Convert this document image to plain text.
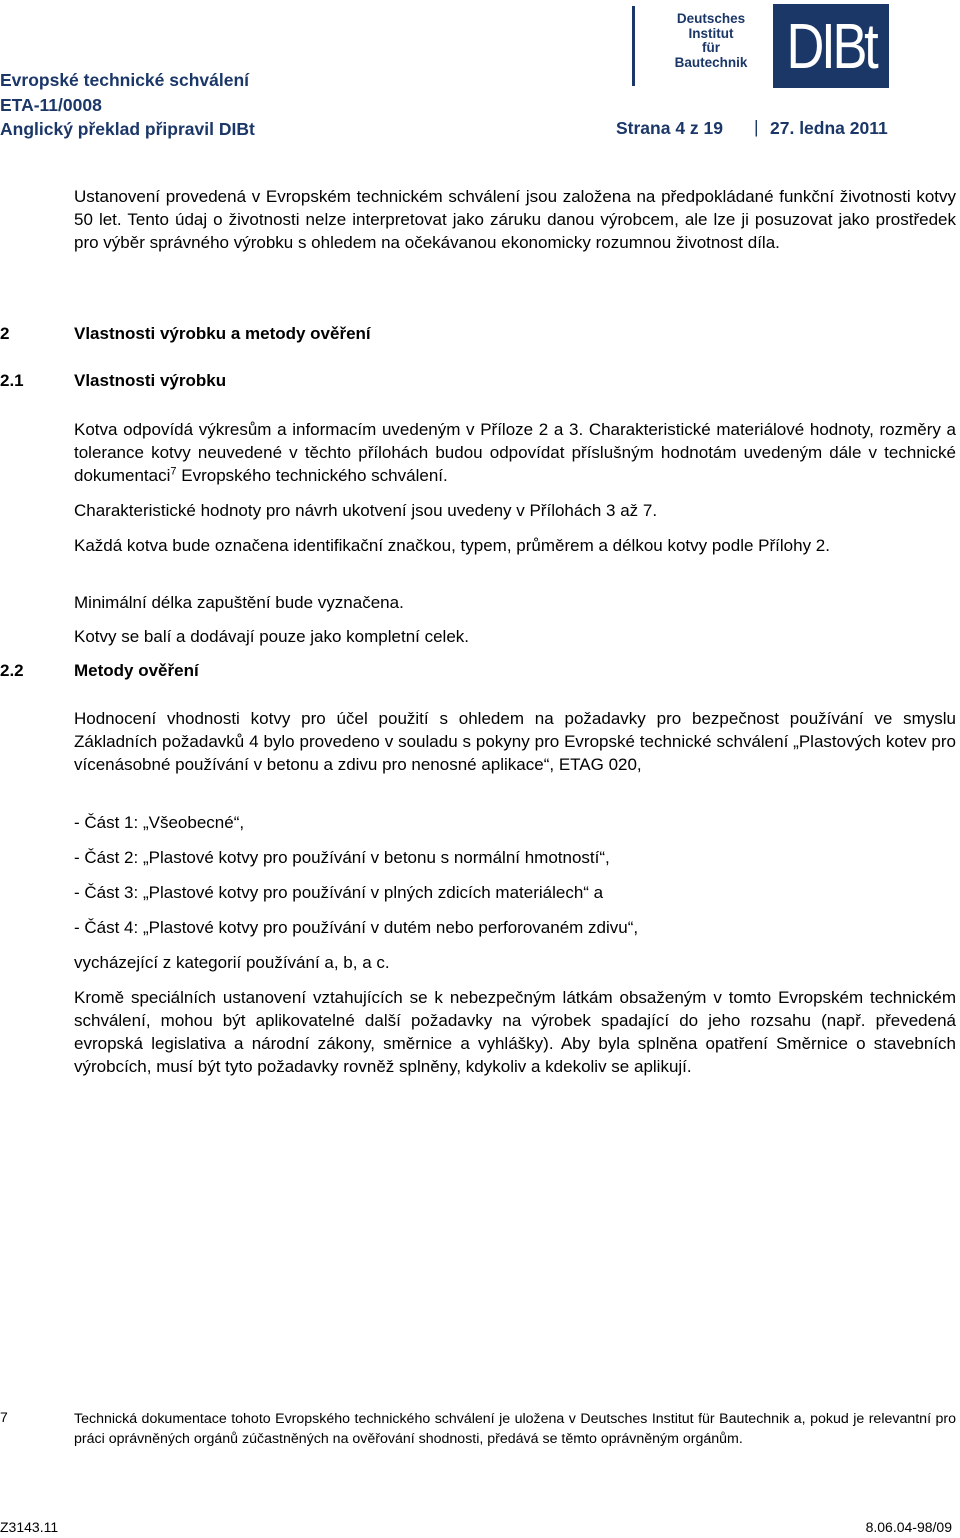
Evropské technické schválení
ETA-11/0008
Anglický překlad připravil DIBt	Strana 4 z 19 | 27. ledna 2011
Deutsches
Institut
für
Bautechnik DIBt
Ustanovení provedená v Evropském technickém schválení jsou založena na předpokládané funkční životnosti kotvy 50 let. Tento údaj o životnosti nelze interpretovat jako záruku danou výrobcem, ale lze ji posuzovat jako prostředek pro výběr správného výrobku s ohledem na očekávanou ekonomicky rozumnou životnost díla.
2	Vlastnosti výrobku a metody ověření
2.1	Vlastnosti výrobku
Kotva odpovídá výkresům a informacím uvedeným v Příloze 2 a 3. Charakteristické materiálové hodnoty, rozměry a tolerance kotvy neuvedené v těchto přílohách budou odpovídat příslušným hodnotám uvedeným dále v technické dokumentaci$^7$ Evropského technického schválení.
Charakteristické hodnoty pro návrh ukotvení jsou uvedeny v Přílohách 3 až 7.
Každá kotva bude označena identifikační značkou, typem, průměrem a délkou kotvy podle Přílohy 2.
Minimální délka zapuštění bude vyznačena.
Kotvy se balí a dodávají pouze jako kompletní celek.
2.2	Metody ověření
Hodnocení vhodnosti kotvy pro účel použití s ohledem na požadavky pro bezpečnost používání ve smyslu Základních požadavků 4 bylo provedeno v souladu s pokyny pro Evropské technické schválení „Plastových kotev pro vícenásobné používání v betonu a zdivu pro nenosné aplikace“, ETAG 020,
- Část 1: „Všeobecné“,
- Část 2: „Plastové kotvy pro používání v betonu s normální hmotností“,
- Část 3: „Plastové kotvy pro používání v plných zdicích materiálech“ a
- Část 4: „Plastové kotvy pro používání v dutém nebo perforovaném zdivu“,
vycházející z kategorií používání a, b, a c.
Kromě speciálních ustanovení vztahujících se k nebezpečným látkám obsaženým v tomto Evropském technickém schválení, mohou být aplikovatelné další požadavky na výrobek spadající do jeho rozsahu (např. převedená evropská legislativa a národní zákony, směrnice a vyhlášky). Aby byla splněna opatření Směrnice o stavebních výrobcích, musí být tyto požadavky rovněž splněny, kdykoliv a kdekoliv se aplikují.
7	Technická dokumentace tohoto Evropského technického schválení je uložena v Deutsches Institut für Bautechnik a, pokud je relevantní pro práci oprávněných orgánů zúčastněných na ověřování shodnosti, předává se těmto oprávněným orgánům.
Z3143.11	8.06.04-98/09
